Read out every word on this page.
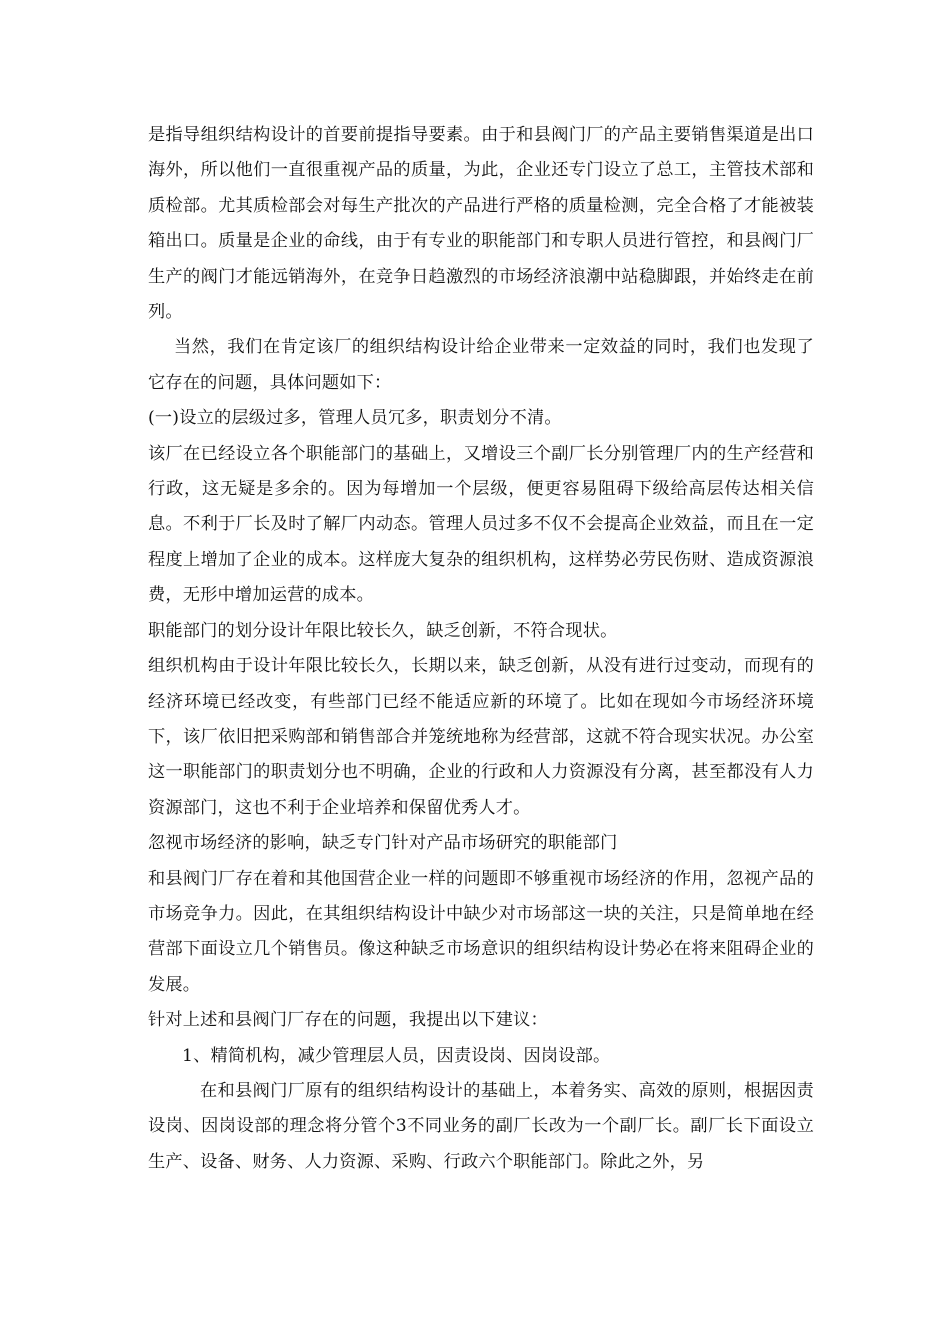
是指导组织结构设计的首要前提指导要素。由于和县阀门厂的产品主要销售渠道是出口海外，所以他们一直很重视产品的质量，为此，企业还专门设立了总工，主管技术部和质检部。尤其质检部会对每生产批次的产品进行严格的质量检测，完全合格了才能被装箱出口。质量是企业的命线，由于有专业的职能部门和专职人员进行管控，和县阀门厂生产的阀门才能远销海外，在竞争日趋激烈的市场经济浪潮中站稳脚跟，并始终走在前列。

当然，我们在肯定该厂的组织结构设计给企业带来一定效益的同时，我们也发现了它存在的问题，具体问题如下：

(一)设立的层级过多，管理人员冗多，职责划分不清。

该厂在已经设立各个职能部门的基础上，又增设三个副厂长分别管理厂内的生产经营和行政，这无疑是多余的。因为每增加一个层级，便更容易阻碍下级给高层传达相关信息。不利于厂长及时了解厂内动态。管理人员过多不仅不会提高企业效益，而且在一定程度上增加了企业的成本。这样庞大复杂的组织机构，这样势必劳民伤财、造成资源浪费，无形中增加运营的成本。

职能部门的划分设计年限比较长久，缺乏创新，不符合现状。

组织机构由于设计年限比较长久，长期以来，缺乏创新，从没有进行过变动，而现有的经济环境已经改变，有些部门已经不能适应新的环境了。比如在现如今市场经济环境下，该厂依旧把采购部和销售部合并笼统地称为经营部，这就不符合现实状况。办公室这一职能部门的职责划分也不明确，企业的行政和人力资源没有分离，甚至都没有人力资源部门，这也不利于企业培养和保留优秀人才。

忽视市场经济的影响，缺乏专门针对产品市场研究的职能部门

和县阀门厂存在着和其他国营企业一样的问题即不够重视市场经济的作用，忽视产品的市场竞争力。因此，在其组织结构设计中缺少对市场部这一块的关注，只是简单地在经营部下面设立几个销售员。像这种缺乏市场意识的组织结构设计势必在将来阻碍企业的发展。

针对上述和县阀门厂存在的问题，我提出以下建议：

1、精简机构，减少管理层人员，因责设岗、因岗设部。

在和县阀门厂原有的组织结构设计的基础上，本着务实、高效的原则，根据因责设岗、因岗设部的理念将分管个3不同业务的副厂长改为一个副厂长。副厂长下面设立生产、设备、财务、人力资源、采购、行政六个职能部门。除此之外，另
